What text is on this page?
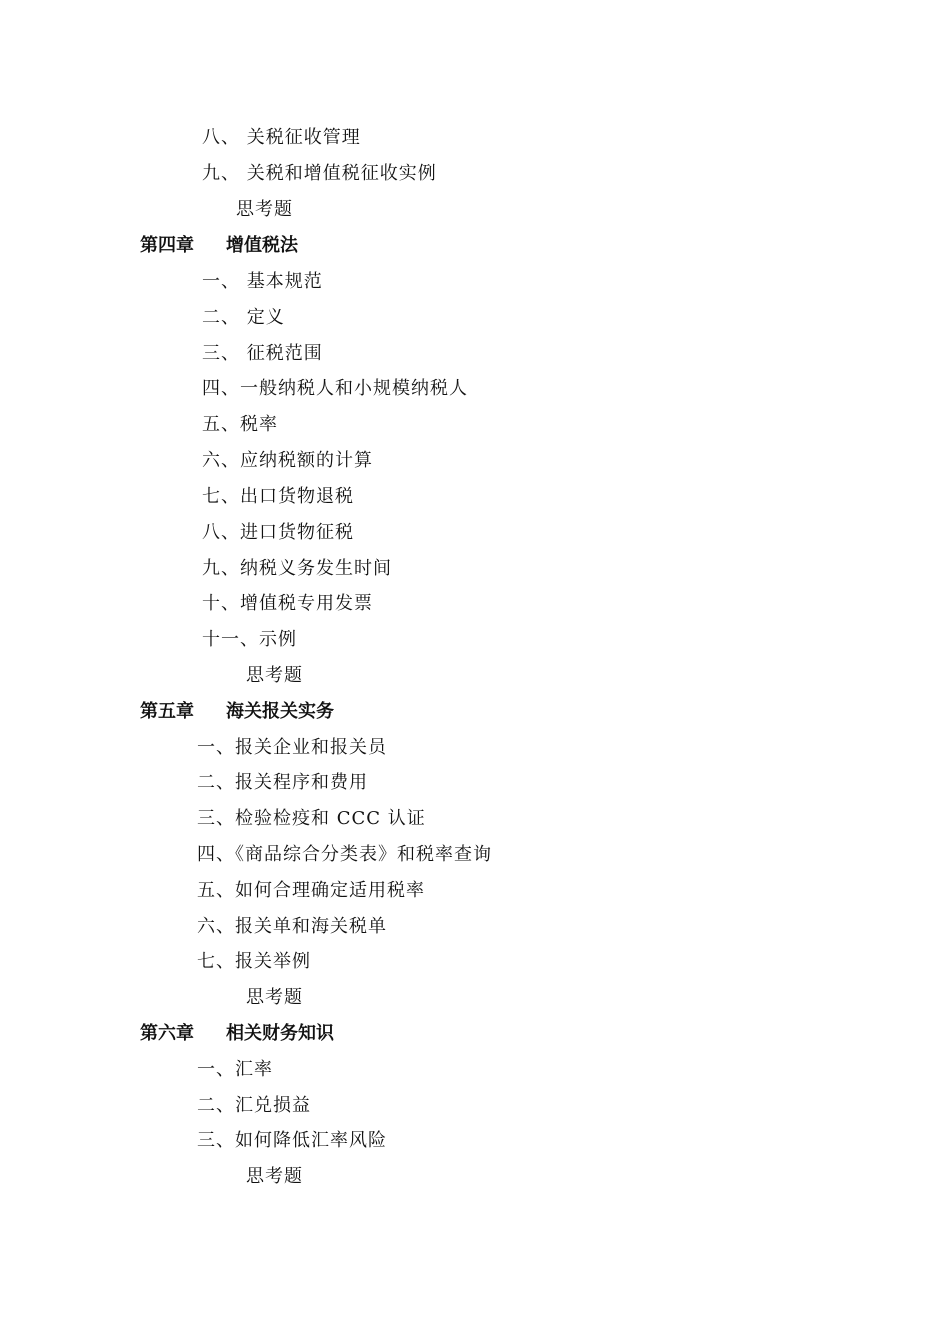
八、 关税征收管理
九、 关税和增值税征收实例
思考题
第四章 增值税法
一、 基本规范
二、 定义
三、 征税范围
四、一般纳税人和小规模纳税人
五、税率
六、应纳税额的计算
七、出口货物退税
八、进口货物征税
九、纳税义务发生时间
十、增值税专用发票
十一、示例
思考题
第五章 海关报关实务
一、报关企业和报关员
二、报关程序和费用
三、检验检疫和 CCC 认证
四、《商品综合分类表》和税率查询
五、如何合理确定适用税率
六、报关单和海关税单
七、报关举例
思考题
第六章 相关财务知识
一、汇率
二、汇兑损益
三、如何降低汇率风险
思考题
